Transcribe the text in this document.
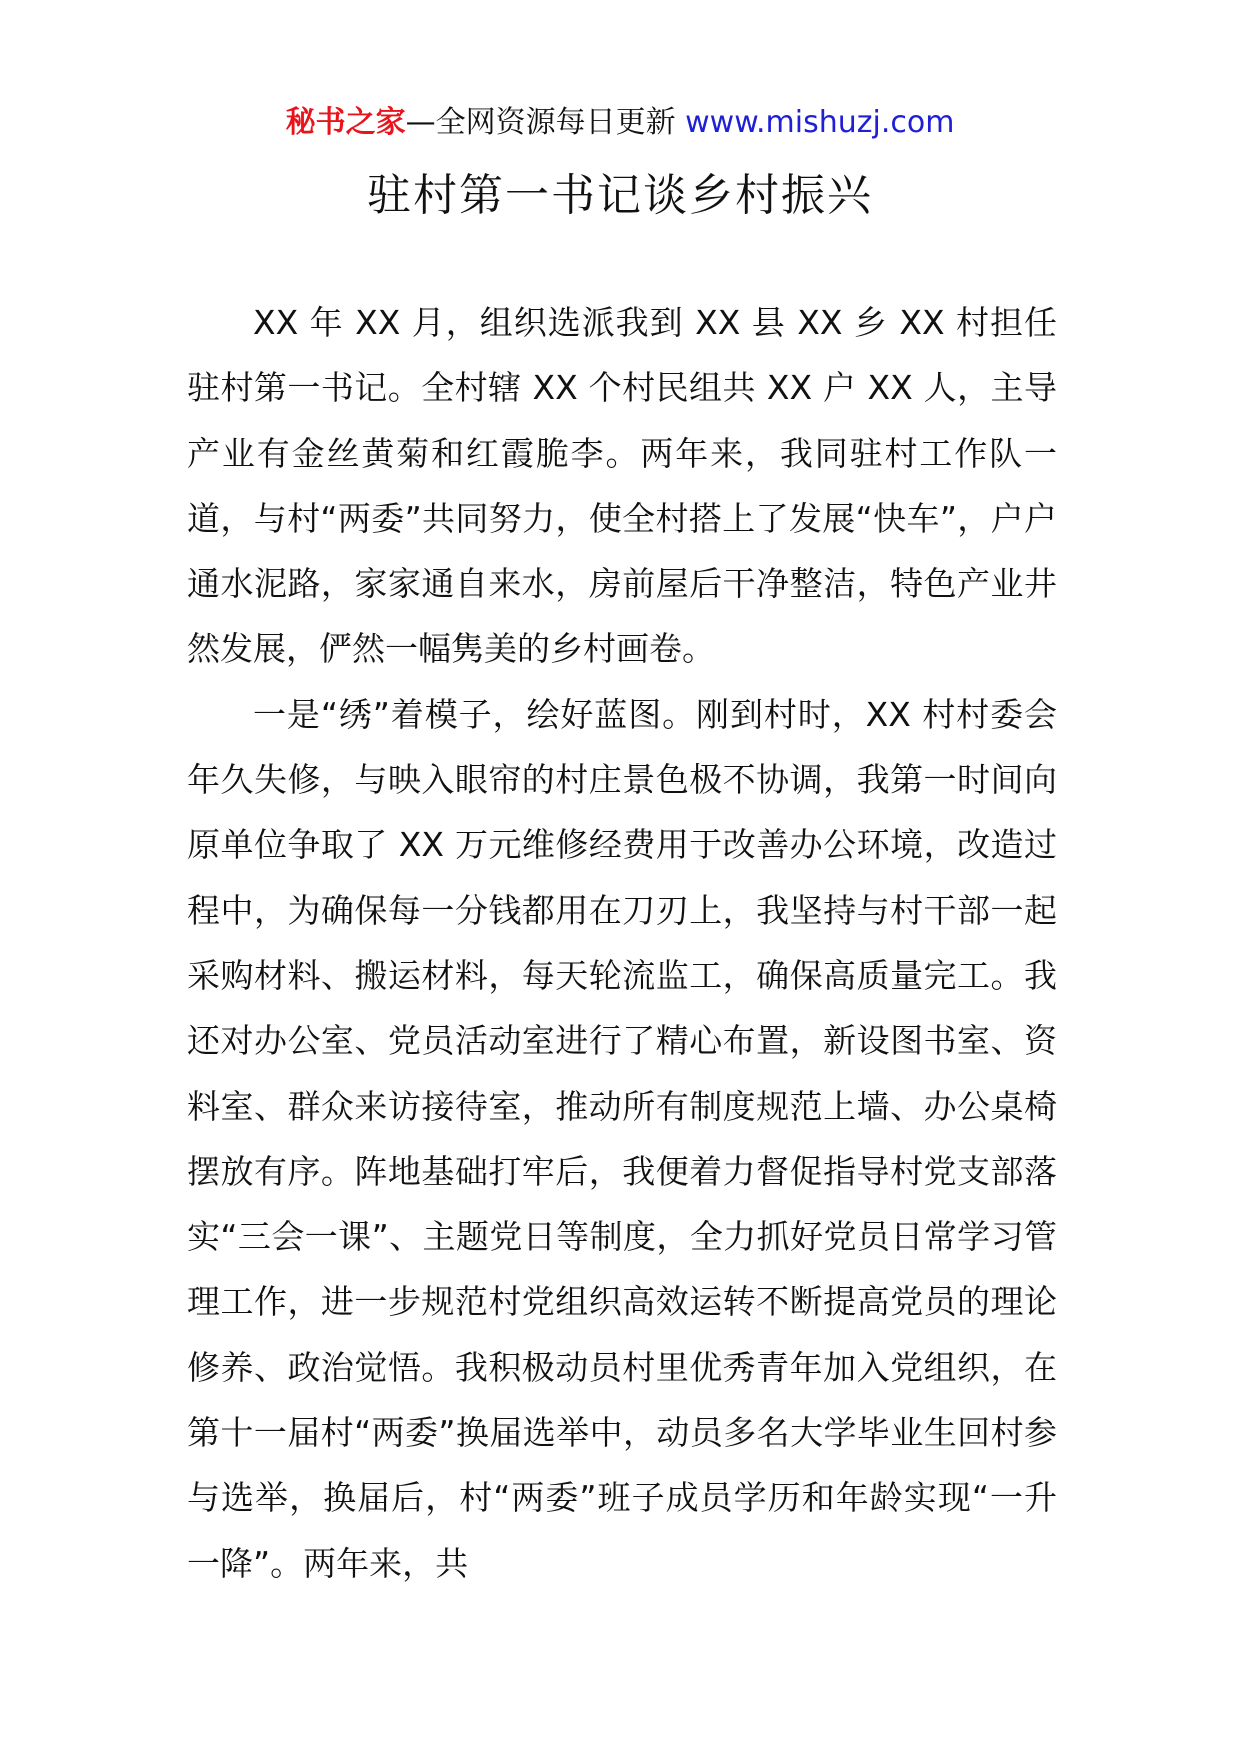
秘书之家—全网资源每日更新 www.mishuzj.com
驻村第一书记谈乡村振兴

XX 年 XX 月，组织选派我到 XX 县 XX 乡 XX 村担任驻村第一书记。全村辖 XX 个村民组共 XX 户 XX 人，主导产业有金丝黄菊和红霞脆李。两年来，我同驻村工作队一道，与村“两委”共同努力，使全村搭上了发展“快车”，户户通水泥路，家家通自来水，房前屋后干净整洁，特色产业井然发展，俨然一幅隽美的乡村画卷。

一是“绣”着模子，绘好蓝图。刚到村时，XX 村村委会年久失修，与映入眼帘的村庄景色极不协调，我第一时间向原单位争取了 XX 万元维修经费用于改善办公环境，改造过程中，为确保每一分钱都用在刀刃上，我坚持与村干部一起采购材料、搬运材料，每天轮流监工，确保高质量完工。我还对办公室、党员活动室进行了精心布置，新设图书室、资料室、群众来访接待室，推动所有制度规范上墙、办公桌椅摆放有序。阵地基础打牢后，我便着力督促指导村党支部落实“三会一课”、主题党日等制度，全力抓好党员日常学习管理工作，进一步规范村党组织高效运转不断提高党员的理论修养、政治觉悟。我积极动员村里优秀青年加入党组织，在第十一届村“两委”换届选举中，动员多名大学毕业生回村参与选举，换届后，村“两委”班子成员学历和年龄实现“一升一降”。两年来，共
